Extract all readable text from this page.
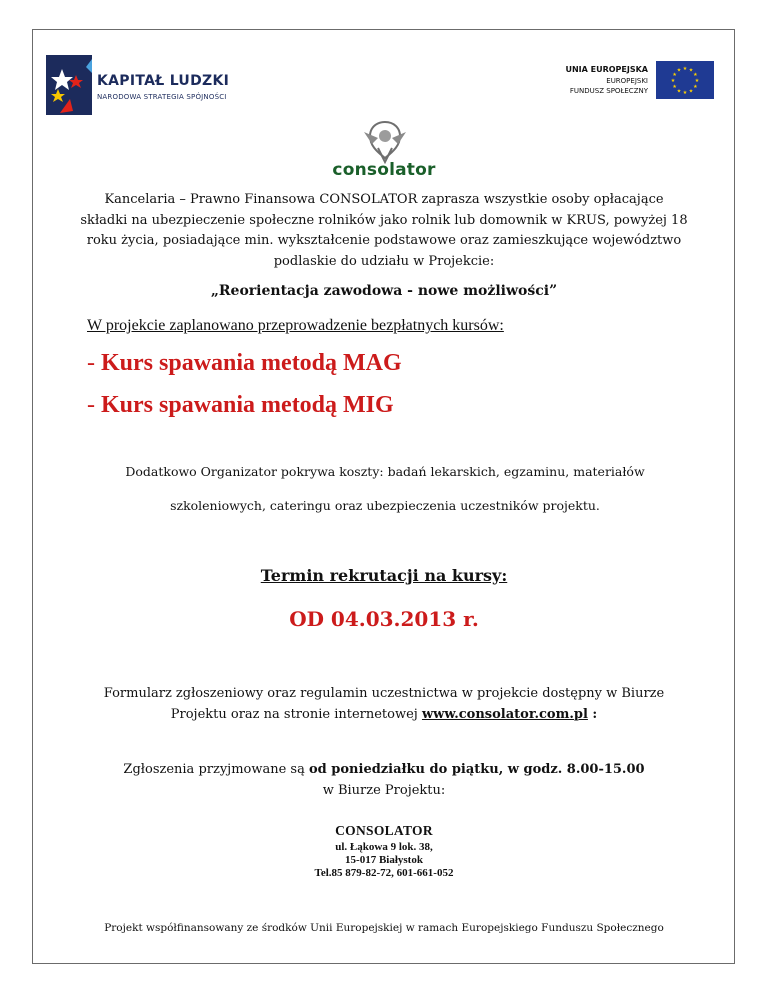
KAPITAŁ LUDZKI
NARODOWA STRATEGIA SPÓJNOŚCI
UNIA EUROPEJSKA
EUROPEJSKI
FUNDUSZ SPOŁECZNY
★ ★
★
★
★
★
★
★
★
★
★
★
consolator
Kancelaria – Prawno Finansowa CONSOLATOR zaprasza wszystkie osoby opłacające składki na ubezpieczenie społeczne rolników jako rolnik lub domownik w KRUS, powyżej 18 roku życia, posiadające min. wykształcenie podstawowe oraz zamieszkujące województwo podlaskie do udziału w Projekcie:
„Reorientacja zawodowa - nowe możliwości”
W projekcie zaplanowano przeprowadzenie bezpłatnych kursów:
- Kurs spawania metodą MAG
- Kurs spawania metodą MIG
Dodatkowo Organizator pokrywa koszty: badań lekarskich, egzaminu, materiałów
szkoleniowych, cateringu oraz ubezpieczenia uczestników projektu.
Termin rekrutacji na kursy:
OD 04.03.2013 r.
Formularz zgłoszeniowy oraz regulamin uczestnictwa w projekcie dostępny w Biurze
Projektu oraz na stronie internetowej www.consolator.com.pl :
Zgłoszenia przyjmowane są od poniedziałku do piątku, w godz. 8.00-15.00
w Biurze Projektu:
CONSOLATOR
ul. Łąkowa 9 lok. 38,
15-017 Białystok
Tel.85 879-82-72, 601-661-052
Projekt współfinansowany ze środków Unii Europejskiej w ramach Europejskiego Funduszu Społecznego
